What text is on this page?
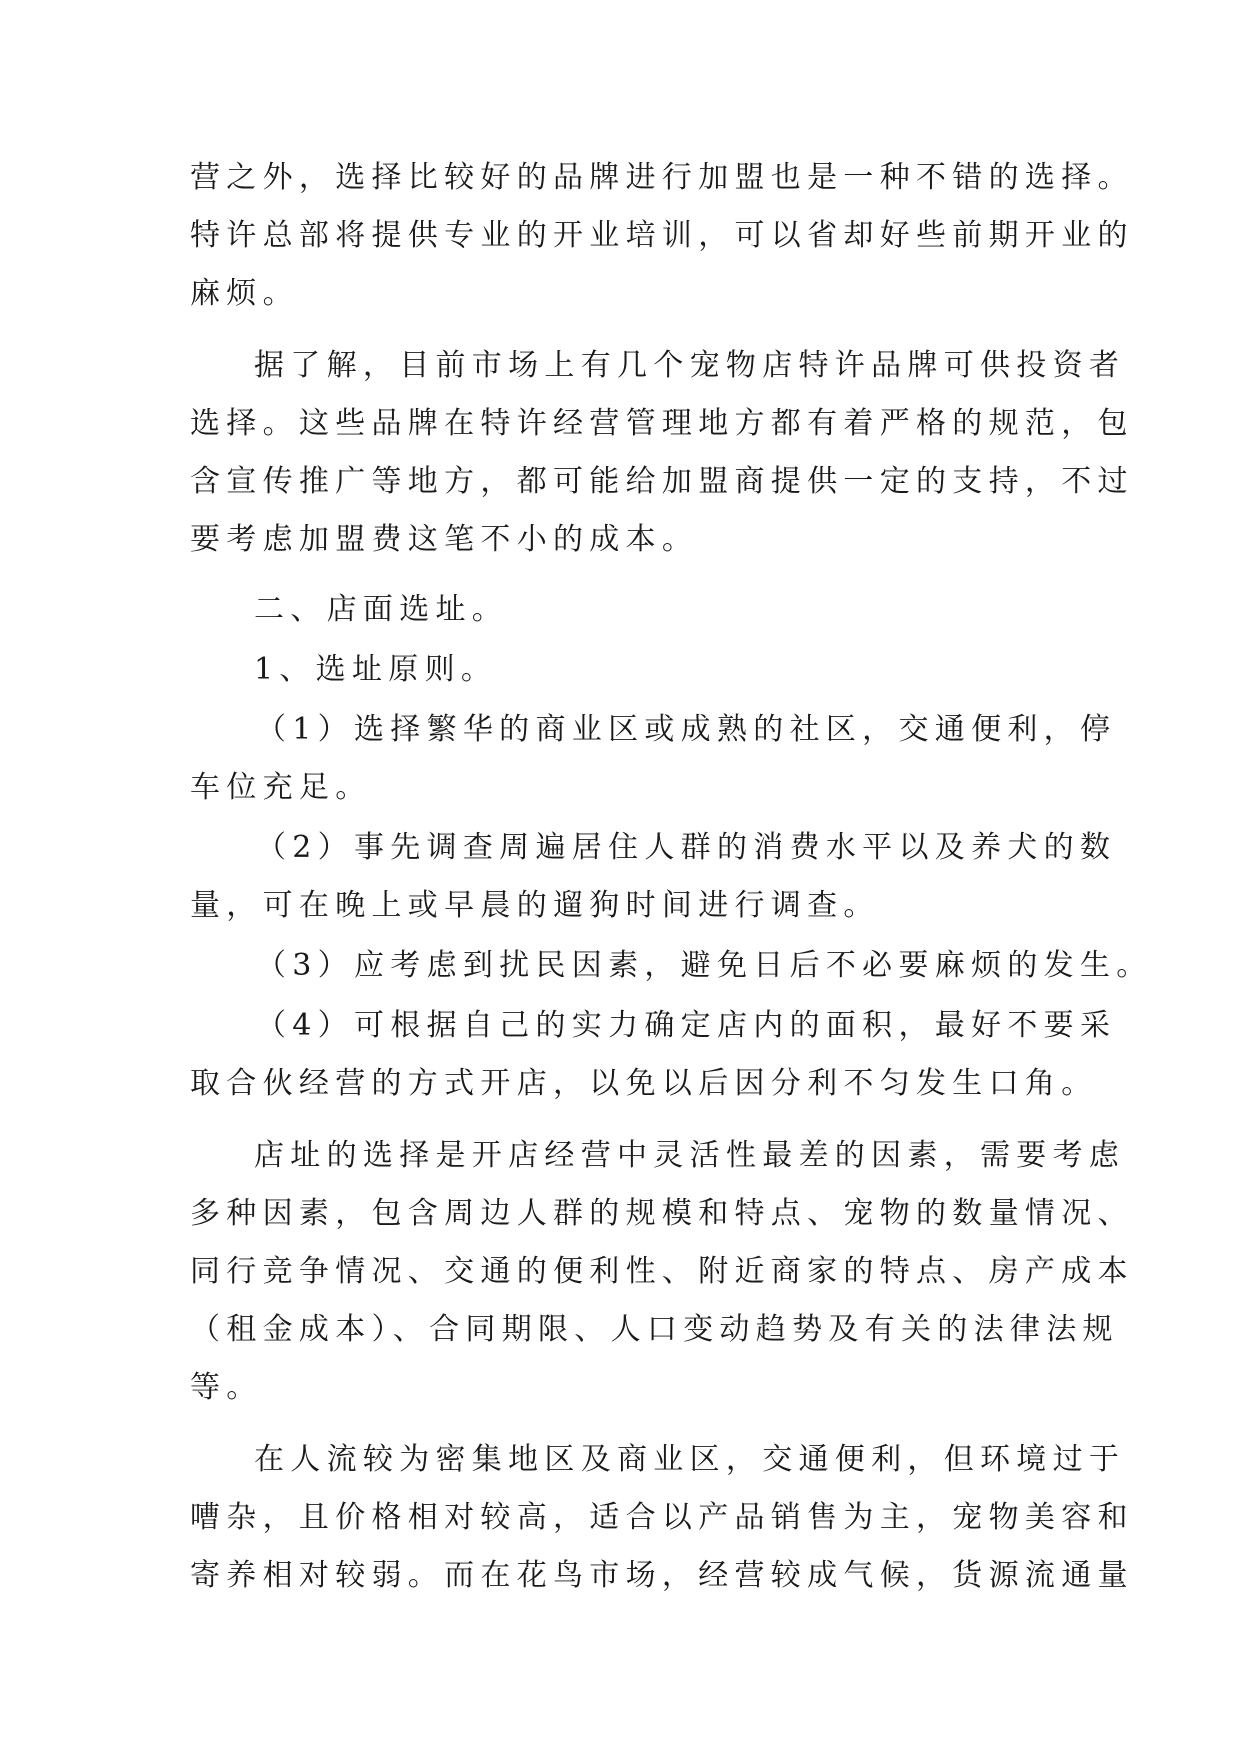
营之外，选择比较好的品牌进行加盟也是一种不错的选择。
特许总部将提供专业的开业培训，可以省却好些前期开业的
麻烦。
据了解，目前市场上有几个宠物店特许品牌可供投资者
选择。这些品牌在特许经营管理地方都有着严格的规范，包
含宣传推广等地方，都可能给加盟商提供一定的支持，不过
要考虑加盟费这笔不小的成本。
二、店面选址。
1、选址原则。
（1）选择繁华的商业区或成熟的社区，交通便利，停
车位充足。
（2）事先调查周遍居住人群的消费水平以及养犬的数
量，可在晚上或早晨的遛狗时间进行调查。
（3）应考虑到扰民因素，避免日后不必要麻烦的发生。
（4）可根据自己的实力确定店内的面积，最好不要采
取合伙经营的方式开店，以免以后因分利不匀发生口角。
店址的选择是开店经营中灵活性最差的因素，需要考虑
多种因素，包含周边人群的规模和特点、宠物的数量情况、
同行竞争情况、交通的便利性、附近商家的特点、房产成本
（租金成本）、合同期限、人口变动趋势及有关的法律法规
等。
在人流较为密集地区及商业区，交通便利，但环境过于
嘈杂，且价格相对较高，适合以产品销售为主，宠物美容和
寄养相对较弱。而在花鸟市场，经营较成气候，货源流通量
